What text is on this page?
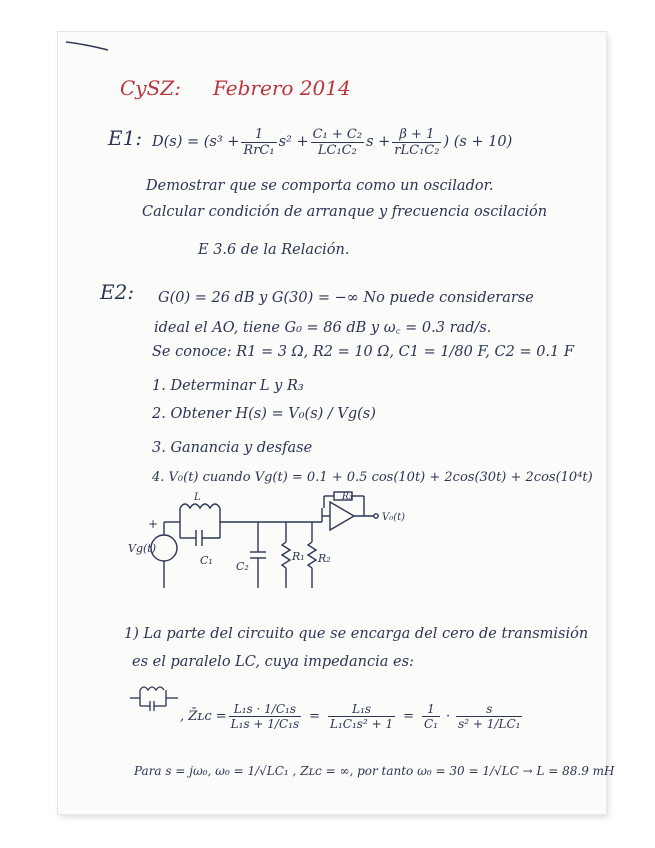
CySZ: Febrero 2014
E1: $D(s) = (s^3 + \frac{1}{\text{RrC₁}} s^2 + \frac{\text{C₁ + C₂}}{\text{LC₁C₂}}$ $s + \frac{\beta + 1}{\text{rLC₁C₂}}$ ) (s + 10)
Demostrar que se comporta como un oscilador.
Calcular condición de arranque y frecuencia oscilación
E 3.6 de la Relación.
E2: G(0) = 26 dB y G(30) = −∞ No puede considerarse
ideal el AO, tiene G₀ = 86 dB y ω꜀ = 0.3 rad/s.
Se conoce: R1 = 3 Ω, R2 = 10 Ω, C1 = 1/80 F, C2 = 0.1 F
1. Determinar L y R₃
2. Obtener H(s) = V₀(s) / Vg(s)
3. Ganancia y desfase
4. V₀(t) cuando Vg(t) = 0.1 + 0.5 cos(10t) + 2cos(30t) + 2cos(10⁴t)
1) La parte del circuito que se encarga del cero de transmisión
es el paralelo LC, cuya impedancia es:
, Z̄ʟᴄ = $\frac{\text{L₁s · 1/C₁s}}{\text{L₁s + 1/C₁s}} = \frac{\text{L₁s}}{\text{L₁C₁s² + 1}} = \frac{1}{\text{C₁}} \cdot \frac{s}{\text{s² + 1/LC₁}}$
Para s = jω₀, ω₀ = 1/√LC₁ , Zʟᴄ = ∞, por tanto ω₀ = 30 = 1/√LC → L = 88.9 mH
+
Vg(t)
L
C₁ C₂
R₁ R₂
R₃
V₀(t)
